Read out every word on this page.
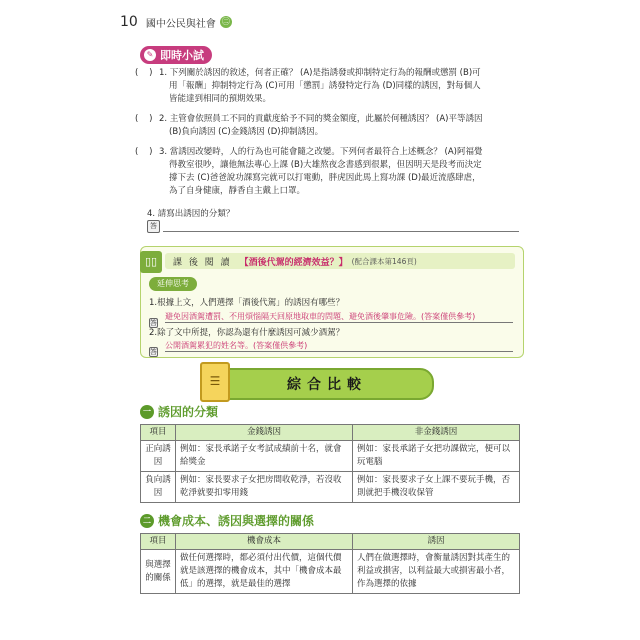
10 國中公民與社會 ㊁
✎ 即時小試
( ) 1. 下列關於誘因的敘述，何者正確？ (A)是指誘發或抑制特定行為的報酬或懲罰 (B)可
用「報酬」抑制特定行為 (C)可用「懲罰」誘發特定行為 (D)同樣的誘因，對每個人
皆能達到相同的預期效果。
( ) 2. 主管會依照員工不同的貢獻度給予不同的獎金額度，此屬於何種誘因？ (A)平等誘因
(B)負向誘因 (C)金錢誘因 (D)抑制誘因。
( ) 3. 當誘因改變時，人的行為也可能會隨之改變。下列何者最符合上述概念？ (A)阿福覺
得教室很吵，讓他無法專心上課 (B)大雄熬夜念書感到很累，但因明天是段考而決定
撐下去 (C)爸爸說功課寫完就可以打電動，胖虎因此馬上寫功課 (D)最近流感肆虐，
為了自身健康，靜香自主戴上口罩。
4. 請寫出誘因的分類？
答
▯▯	課 後 閱 讀 【酒後代駕的經濟效益？】 (配合課本第146頁)
延伸思考
1.根據上文，人們選擇「酒後代駕」的誘因有哪些？
答
避免因酒駕遭罰、不用煩惱隔天回原地取車的問題、避免酒後肇事危險。(答案僅供參考)
2.除了文中所提，你認為還有什麼誘因可減少酒駕？
答
公開酒駕累犯的姓名等。(答案僅供參考)
☰	綜合比較
一 誘因的分類
項目	金錢誘因	非金錢誘因
正向誘因	例如：家長承諾子女考試成績前十名，就會給獎金	例如：家長承諾子女把功課做完，便可以玩電腦
負向誘因	例如：家長要求子女把房間收乾淨，若沒收乾淨就要扣零用錢	例如：家長要求子女上課不要玩手機，否則就把手機沒收保管
二 機會成本、誘因與選擇的關係
項目	機會成本	誘因
與選擇的關係	做任何選擇時，都必須付出代價，這個代價就是該選擇的機會成本，其中「機會成本最低」的選擇，就是最佳的選擇	人們在做選擇時，會衡量誘因對其產生的利益或損害，以利益最大或損害最小者，作為選擇的依據
